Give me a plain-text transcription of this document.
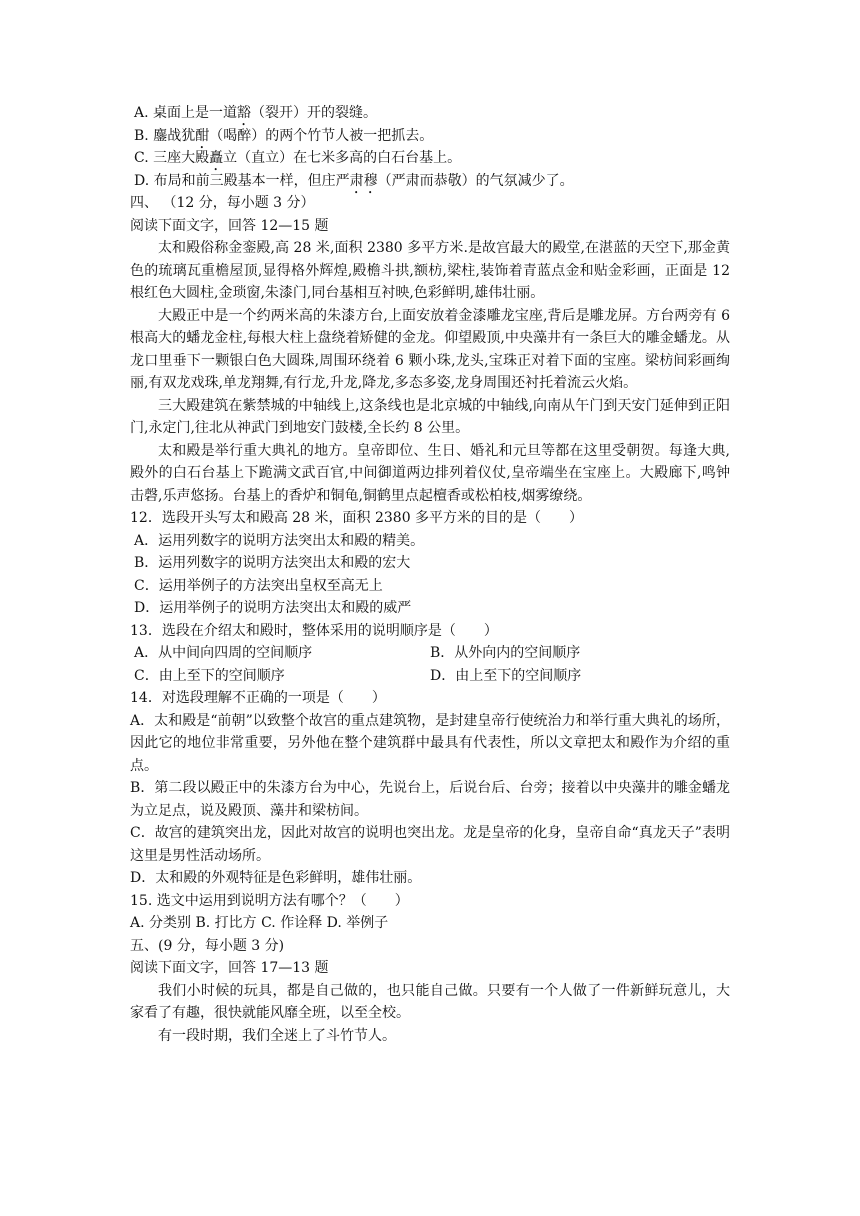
A. 桌面上是一道豁（裂开）开的裂缝。
B. 鏖战犹酣（喝醉）的两个竹节人被一把抓去。
C. 三座大殿矗立（直立）在七米多高的白石台基上。
D. 布局和前三殿基本一样，但庄严肃穆（严肃而恭敬）的气氛减少了。
四、 （12 分，每小题 3 分）
阅读下面文字，回答 12—15 题
太和殿俗称金銮殿,高 28 米,面积 2380 多平方米.是故宫最大的殿堂,在湛蓝的天空下,那金黄色的琉璃瓦重檐屋顶,显得格外辉煌,殿檐斗拱,额枋,梁柱,装饰着青蓝点金和贴金彩画，正面是 12 根红色大圆柱,金琐窗,朱漆门,同台基相互衬映,色彩鲜明,雄伟壮丽。
大殿正中是一个约两米高的朱漆方台,上面安放着金漆雕龙宝座,背后是雕龙屏。方台两旁有 6 根高大的蟠龙金柱,每根大柱上盘绕着矫健的金龙。仰望殿顶,中央藻井有一条巨大的雕金蟠龙。从龙口里垂下一颗银白色大圆珠,周围环绕着 6 颗小珠,龙头,宝珠正对着下面的宝座。梁枋间彩画绚丽,有双龙戏珠,单龙翔舞,有行龙,升龙,降龙,多态多姿,龙身周围还衬托着流云火焰。
三大殿建筑在紫禁城的中轴线上,这条线也是北京城的中轴线,向南从午门到天安门延伸到正阳门,永定门,往北从神武门到地安门鼓楼,全长约 8 公里。
太和殿是举行重大典礼的地方。皇帝即位、生日、婚礼和元旦等都在这里受朝贺。每逢大典,殿外的白石台基上下跪满文武百官,中间御道两边排列着仪仗,皇帝端坐在宝座上。大殿廊下,鸣钟击磬,乐声悠扬。台基上的香炉和铜龟,铜鹤里点起檀香或松柏枝,烟雾缭绕。
12．选段开头写太和殿高 28 米，面积 2380 多平方米的目的是（　　）
A．运用列数字的说明方法突出太和殿的精美。
B．运用列数字的说明方法突出太和殿的宏大
C．运用举例子的方法突出皇权至高无上
D．运用举例子的说明方法突出太和殿的威严
13．选段在介绍太和殿时，整体采用的说明顺序是（　　）
A．从中间向四周的空间顺序	B．从外向内的空间顺序
C．由上至下的空间顺序	D．由上至下的空间顺序
14．对选段理解不正确的一项是（　　）
A．太和殿是“前朝”以致整个故宫的重点建筑物，是封建皇帝行使统治力和举行重大典礼的场所，因此它的地位非常重要，另外他在整个建筑群中最具有代表性，所以文章把太和殿作为介绍的重点。
B．第二段以殿正中的朱漆方台为中心，先说台上，后说台后、台旁；接着以中央藻井的雕金蟠龙为立足点，说及殿顶、藻井和梁枋间。
C．故宫的建筑突出龙，因此对故宫的说明也突出龙。龙是皇帝的化身，皇帝自命“真龙天子”表明这里是男性活动场所。
D．太和殿的外观特征是色彩鲜明，雄伟壮丽。
15. 选文中运用到说明方法有哪个？（　　）
A. 分类别 B. 打比方 C. 作诠释 D. 举例子
五、(9 分，每小题 3 分)
阅读下面文字，回答 17—13 题
我们小时候的玩具，都是自己做的，也只能自己做。只要有一个人做了一件新鲜玩意儿，大家看了有趣，很快就能风靡全班，以至全校。
有一段时期，我们全迷上了斗竹节人。
